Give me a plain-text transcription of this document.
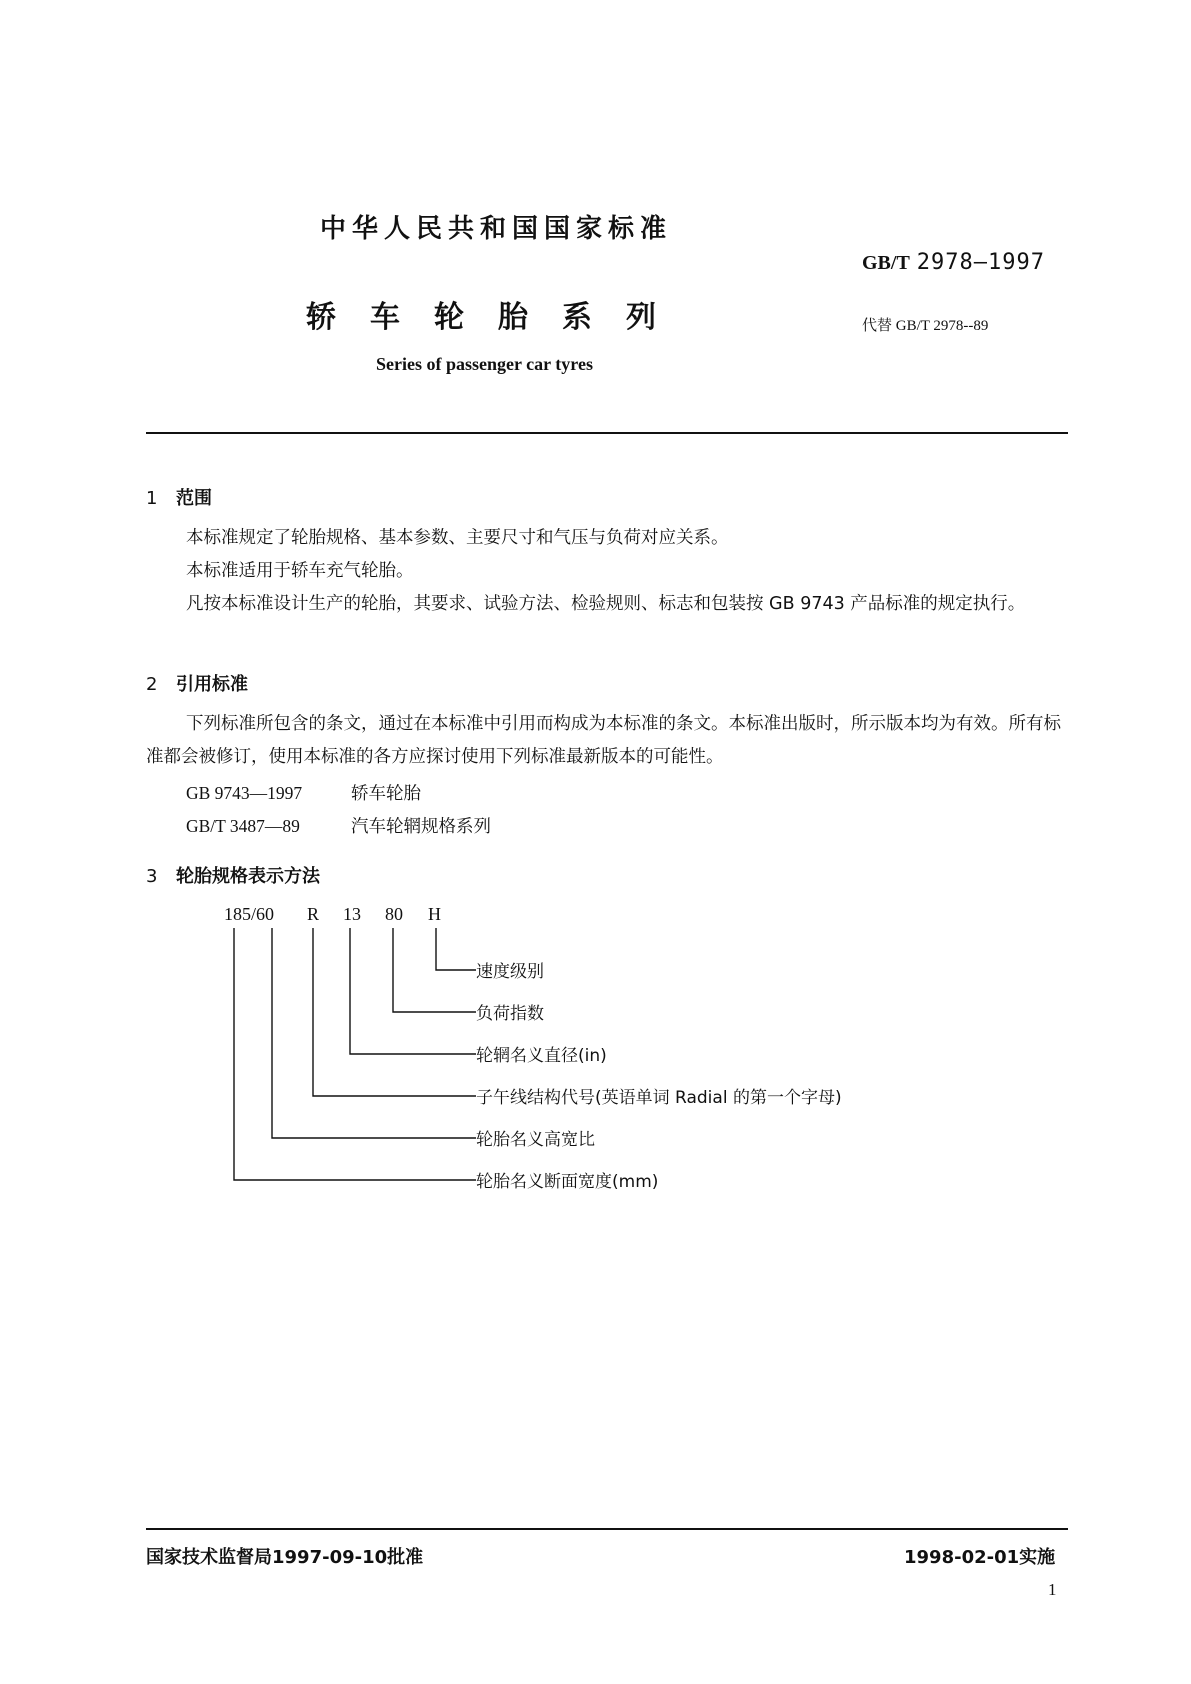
中华人民共和国国家标准
GB/T 2978—1997
轿车轮胎系列	代替 GB/T 2978--89
Series of passenger car tyres
1 范围

本标准规定了轮胎规格、基本参数、主要尺寸和气压与负荷对应关系。

本标准适用于轿车充气轮胎。

凡按本标准设计生产的轮胎，其要求、试验方法、检验规则、标志和包装按 GB 9743 产品标准的规定执行。

2 引用标准

下列标准所包含的条文，通过在本标准中引用而构成为本标准的条文。本标准出版时，所示版本均为有效。所有标准都会被修订，使用本标准的各方应探讨使用下列标准最新版本的可能性。

GB 9743—1997	轿车轮胎
GB/T 3487—89	汽车轮辋规格系列
3 轮胎规格表示方法
185/60 R 13 80 H
速度级别
负荷指数
轮辋名义直径(in)
子午线结构代号(英语单词 Radial 的第一个字母)
轮胎名义高宽比
轮胎名义断面宽度(mm)
国家技术监督局1997-09-10批准	1998-02-01实施
1
